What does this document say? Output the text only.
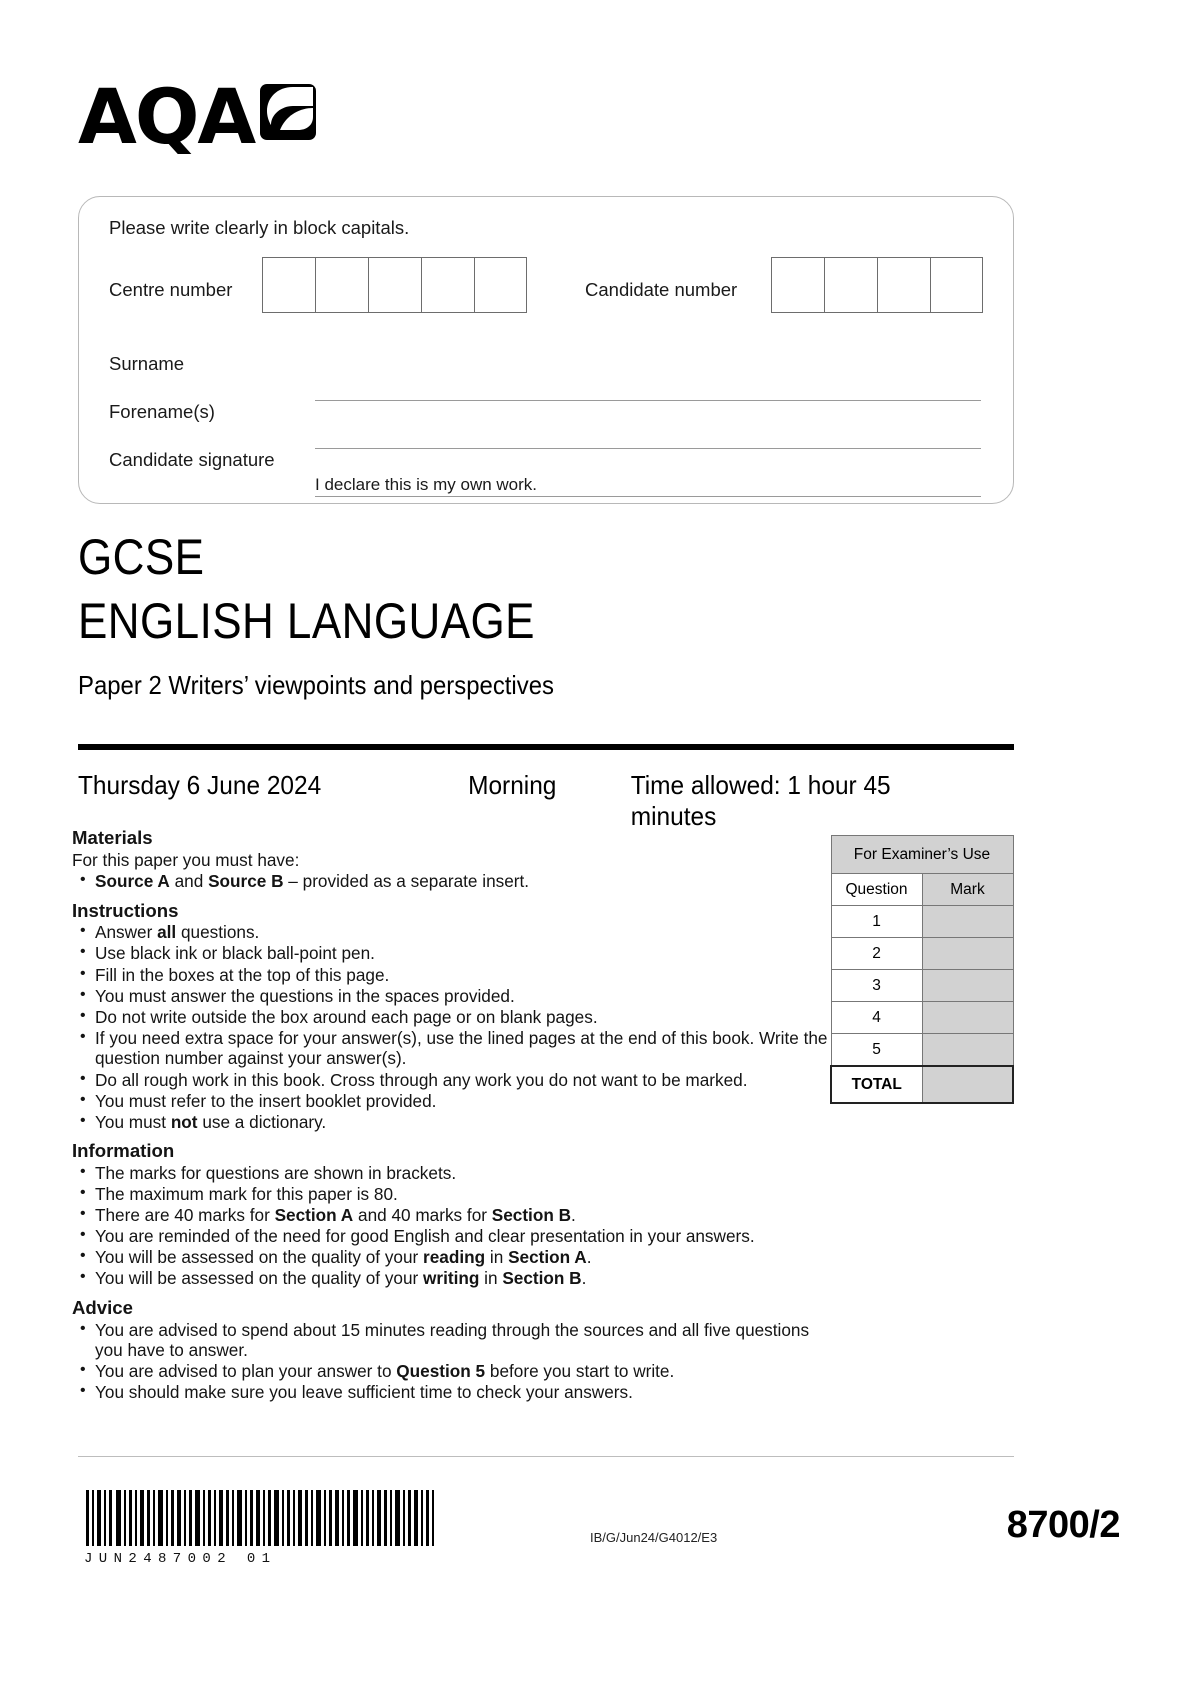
AQA
Please write clearly in block capitals.
Centre number	Candidate number
Surname
Forename(s)
Candidate signature
I declare this is my own work.
GCSE
ENGLISH LANGUAGE
Paper 2 Writers’ viewpoints and perspectives
Thursday 6 June 2024	Morning	Time allowed: 1 hour 45 minutes
Materials
For this paper you must have:
• Source A and Source B – provided as a separate insert.
Instructions
• Answer all questions.
• Use black ink or black ball-point pen.
• Fill in the boxes at the top of this page.
• You must answer the questions in the spaces provided.
• Do not write outside the box around each page or on blank pages.
• If you need extra space for your answer(s), use the lined pages at the end of this book. Write the question number against your answer(s).
• Do all rough work in this book. Cross through any work you do not want to be marked.
• You must refer to the insert booklet provided.
• You must not use a dictionary.
Information
• The marks for questions are shown in brackets.
• The maximum mark for this paper is 80.
• There are 40 marks for Section A and 40 marks for Section B.
• You are reminded of the need for good English and clear presentation in your answers.
• You will be assessed on the quality of your reading in Section A.
• You will be assessed on the quality of your writing in Section B.
Advice
• You are advised to spend about 15 minutes reading through the sources and all five questions you have to answer.
• You are advised to plan your answer to Question 5 before you start to write.
• You should make sure you leave sufficient time to check your answers.
For Examiner’s Use	
Question	Mark
1	
2	
3	
4	
5	
TOTAL	
JUN2487002 01
IB/G/Jun24/G4012/E3	8700/2
